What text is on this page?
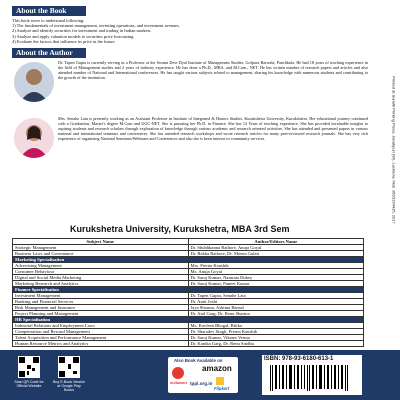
About the Book
This book serve to understand following:
1) The fundamentals of investment management, investing operations, and investment avenues.
2) Analyze and identify securities for investment and trading in Indian markets.
3) Analyze and apply valuation models to securities price forecasting.
4) Evaluate the factors that influence its price in the future.
About the Author
Dr. Tapen Gupta is currently serving as a Professor at the Swami Devi Dyal Institute of Management Studies, Golpura Barwala, Panchkula. He had 18 years of teaching experience in the field of Management studies and 2 years of industry experience. He has done a Ph.D., MBA, and M.Com., NET. He has written number of research papers and articles and also attended number of National and International conferences. He has taught various subjects related to management, sharing his knowledge with numerous students and contributing to the growth of the institution.
Mrs. Senahe Lata is presently working as an Assistant Professor in Institute of Integrated & Honors Studies, Kurukshetra University, Kurukshetra. Her educational journey continued with a Graduation, Master's degree M.Com and UGC-NET. She is pursuing her Ph.D. in Finance. She has 12 Years of teaching experience. She has provided invaluable insights to aspiring students and research scholars through exploration of knowledge through various academic and research oriented activities. She has attended and presented papers in various national and international seminars and conferences. She has attended research workshops and wrote research articles for many peer-reviewed research journals. She has very rich experience of organizing National Seminars/Webinars and Conferences and also she is keen interest in community services.	Printed at Sunwill Printing Press, Janakpuri (W), Lucknow, Mob. 8533334435, 2017
Kurukshetra University, Kurukshetra, MBA 3rd Sem
Subject Name	Author/Editors Name
Strategic Management	Dr. Shubhkanna Rathore, Anuja Goyal
Business Laws and Governance	Dr. Rekha Rathore, Dr. Meena Gulati
Marketing Specialisation	
Advertising Management	Mrs. Prerna Kaushik
Consumer Behaviour	Ms. Anuja Goyal
Digital and Social Media Marketing	Dr. Saroj Kumar, Namrata Dubey
Marketing Research and Analytics	Dr. Saroj Kumar, Puneet Kumar
Finance Specialisation	
Investment Management	Dr. Tapen Gupta, Senahe Lata
Banking and Financial Services	Dr. Amit Joshi
Risk Management and Insurance	Jaya Sharma, Ashima Bansal
Project Planning and Management	Dr. Atul Garg, Dr. Renu Sharma
HR Specialisation	
Industrial Relations and Employment Laws	Ms. Kavleen Bhogal, Ritika
Compensation and Reward Management	Dr. Sharadev Singh, Prerna Kaushik
Talent Acquisition and Performance Management	Dr. Saroj Kumar, Vikrant Verma
Human Resource Metrics and Analytics	Dr. Kanika Garg, Dr. Renu Sindhu
Scan QR Code for Official Website
Buy E-Book Version at Google Play Books
Also Book Available on
amazon
indiamart tppl.org.in
Flipkart
ISBN: 978-93-6180-613-1
